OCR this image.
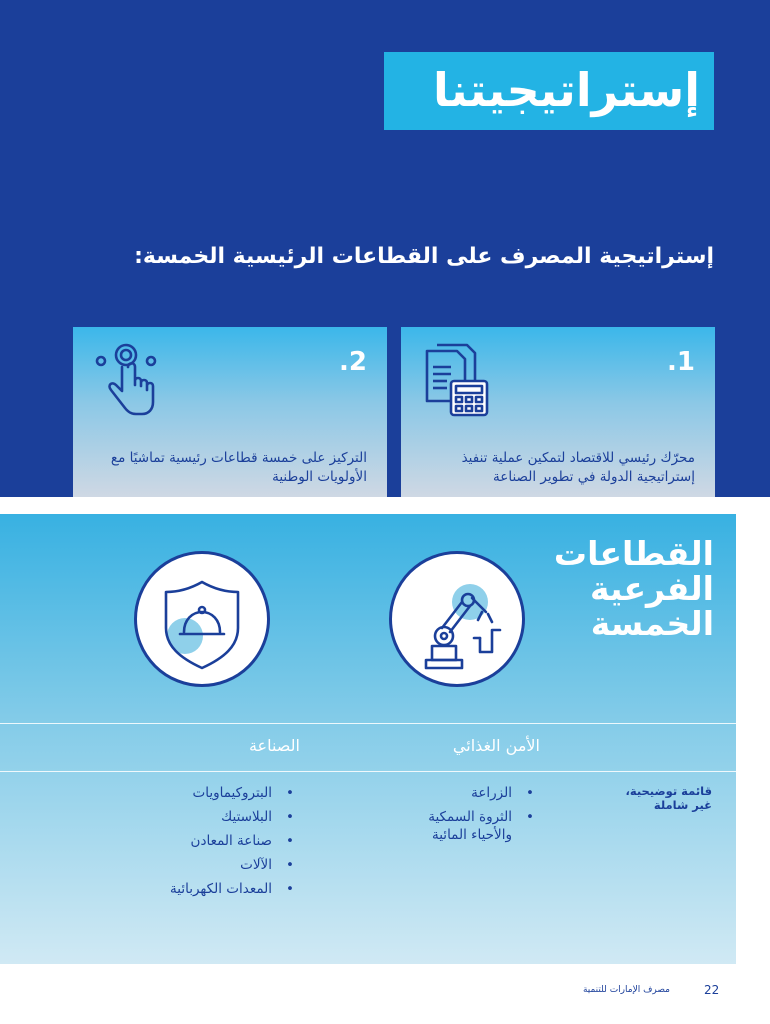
إستراتيجيتنا
إستراتيجية المصرف على القطاعات الرئيسية الخمسة:
1.
محرّك رئيسي للاقتصاد لتمكين عملية تنفيذ إستراتيجية الدولة في تطوير الصناعة
2.
التركيز على خمسة قطاعات رئيسية تماشيًا مع الأولويات الوطنية
القطاعات الفرعية الخمسة
الصناعة	الأمن الغذائي
قائمة توضيحية، غير شاملة
• البتروكيماويات
• البلاستيك
• صناعة المعادن
• الآلات
• المعدات الكهربائية
• الزراعة
• الثروة السمكية والأحياء المائية
22
مصرف الإمارات للتنمية
